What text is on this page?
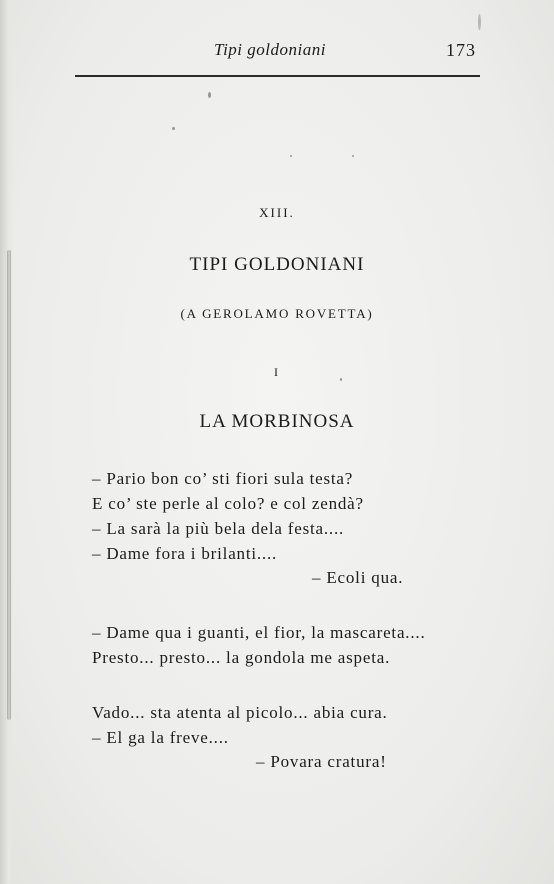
Tipi goldoniani	173
XIII.
TIPI GOLDONIANI
(A GEROLAMO ROVETTA)
I
LA MORBINOSA
– Pario bon co’ sti fiori sula testa?
E co’ ste perle al colo? e col zendà?
– La sarà la più bela dela festa....
– Dame fora i brilanti....
– Ecoli qua.
– Dame qua i guanti, el fior, la mascareta....
Presto... presto... la gondola me aspeta.
Vado... sta atenta al picolo... abia cura.
– El ga la freve....
– Povara cratura!
